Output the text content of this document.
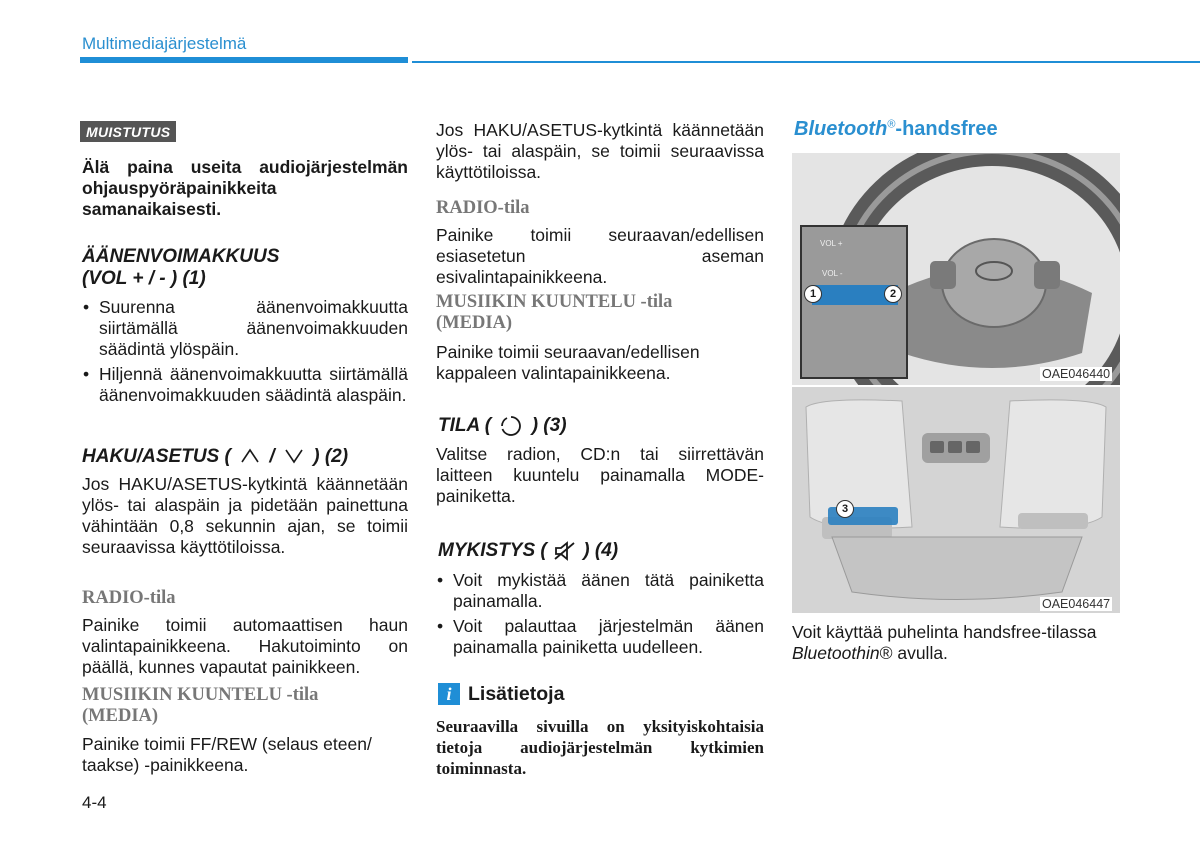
Multimediajärjestelmä
MUISTUTUS
Älä paina useita audiojärjestelmän ohjauspyöräpainikkeita samanaikaisesti.
ÄÄNENVOIMAKKUUS
(VOL + / - ) (1)
• Suurenna äänenvoimakkuutta siirtämällä äänenvoimakkuuden säädintä ylöspäin.
• Hiljennä äänenvoimakkuutta siirtämällä äänenvoimakkuuden säädintä alaspäin.
HAKU/ASETUS ( / ) (2)
Jos HAKU/ASETUS-kytkintä käännetään ylös- tai alaspäin ja pidetään painettuna vähintään 0,8 sekunnin ajan, se toimii seuraavissa käyttötiloissa.
RADIO-tila
Painike toimii automaattisen haun valintapainikkeena. Hakutoiminto on päällä, kunnes vapautat painikkeen.
MUSIIKIN KUUNTELU -tila (MEDIA)
Painike toimii FF/REW (selaus eteen/ taakse) -painikkeena.
4-4
Jos HAKU/ASETUS-kytkintä käännetään ylös- tai alaspäin, se toimii seuraavissa käyttötiloissa.
RADIO-tila
Painike toimii seuraavan/edellisen esiasetetun aseman esivalintapainikkeena.
MUSIIKIN KUUNTELU -tila (MEDIA)
Painike toimii seuraavan/edellisen kappaleen valintapainikkeena.
TILA ( ) (3)
Valitse radion, CD:n tai siirrettävän laitteen kuuntelu painamalla MODE-painiketta.
MYKISTYS ( ) (4)
• Voit mykistää äänen tätä painiketta painamalla.
• Voit palauttaa järjestelmän äänen painamalla painiketta uudelleen.
i Lisätietoja
Seuraavilla sivuilla on yksityiskohtaisia tietoja audiojärjestelmän kytkimien toiminnasta.
Bluetooth®-handsfree
VOL +
VOL -
1	2
OAE046440
3
OAE046447
Voit käyttää puhelinta handsfree-tilassa Bluetoothin® avulla.
